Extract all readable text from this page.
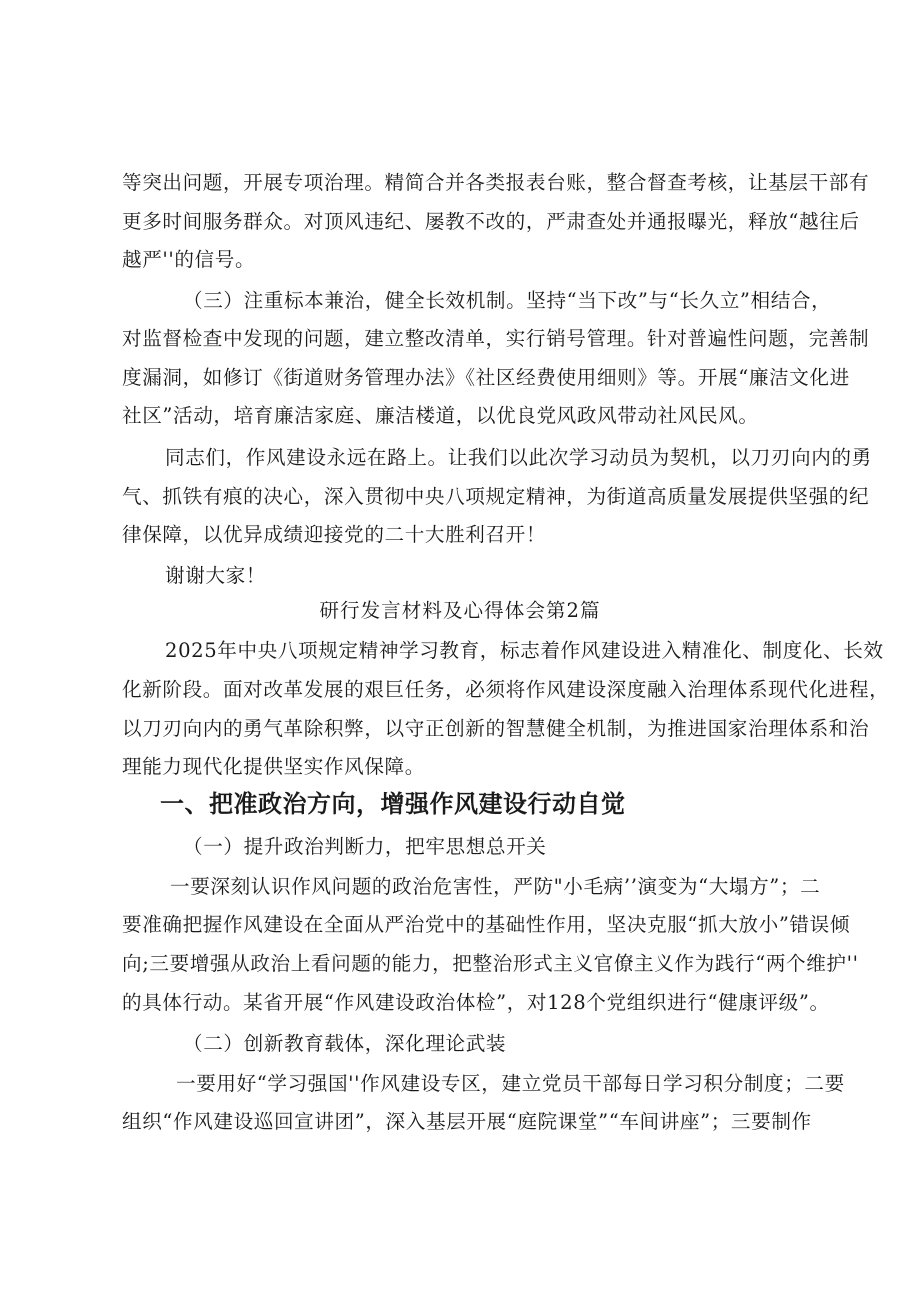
等突出问题，开展专项治理。精简合并各类报表台账，整合督查考核，让基层干部有
更多时间服务群众。对顶风违纪、屡教不改的，严肃查处并通报曝光，释放“越往后
越严''的信号。
（三）注重标本兼治，健全长效机制。坚持“当下改”与“长久立”相结合，
对监督检查中发现的问题，建立整改清单，实行销号管理。针对普遍性问题，完善制
度漏洞，如修订《街道财务管理办法》《社区经费使用细则》等。开展“廉洁文化进
社区”活动，培育廉洁家庭、廉洁楼道，以优良党风政风带动社风民风。
同志们，作风建设永远在路上。让我们以此次学习动员为契机，以刀刃向内的勇
气、抓铁有痕的决心，深入贯彻中央八项规定精神，为街道高质量发展提供坚强的纪
律保障，以优异成绩迎接党的二十大胜利召开！
谢谢大家！
研行发言材料及心得体会第2篇
2025年中央八项规定精神学习教育，标志着作风建设进入精准化、制度化、长效
化新阶段。面对改革发展的艰巨任务，必须将作风建设深度融入治理体系现代化进程，
以刀刃向内的勇气革除积弊，以守正创新的智慧健全机制，为推进国家治理体系和治
理能力现代化提供坚实作风保障。
一、把准政治方向，增强作风建设行动自觉
（一）提升政治判断力，把牢思想总开关
一要深刻认识作风问题的政治危害性，严防"小毛病’’演变为“大塌方”；二
要准确把握作风建设在全面从严治党中的基础性作用，坚决克服“抓大放小”错误倾
向;三要增强从政治上看问题的能力，把整治形式主义官僚主义作为践行“两个维护''
的具体行动。某省开展“作风建设政治体检”，对128个党组织进行“健康评级”。
（二）创新教育载体，深化理论武装
一要用好“学习强国''作风建设专区，建立党员干部每日学习积分制度；二要
组织“作风建设巡回宣讲团”，深入基层开展“庭院课堂”“车间讲座”；三要制作
